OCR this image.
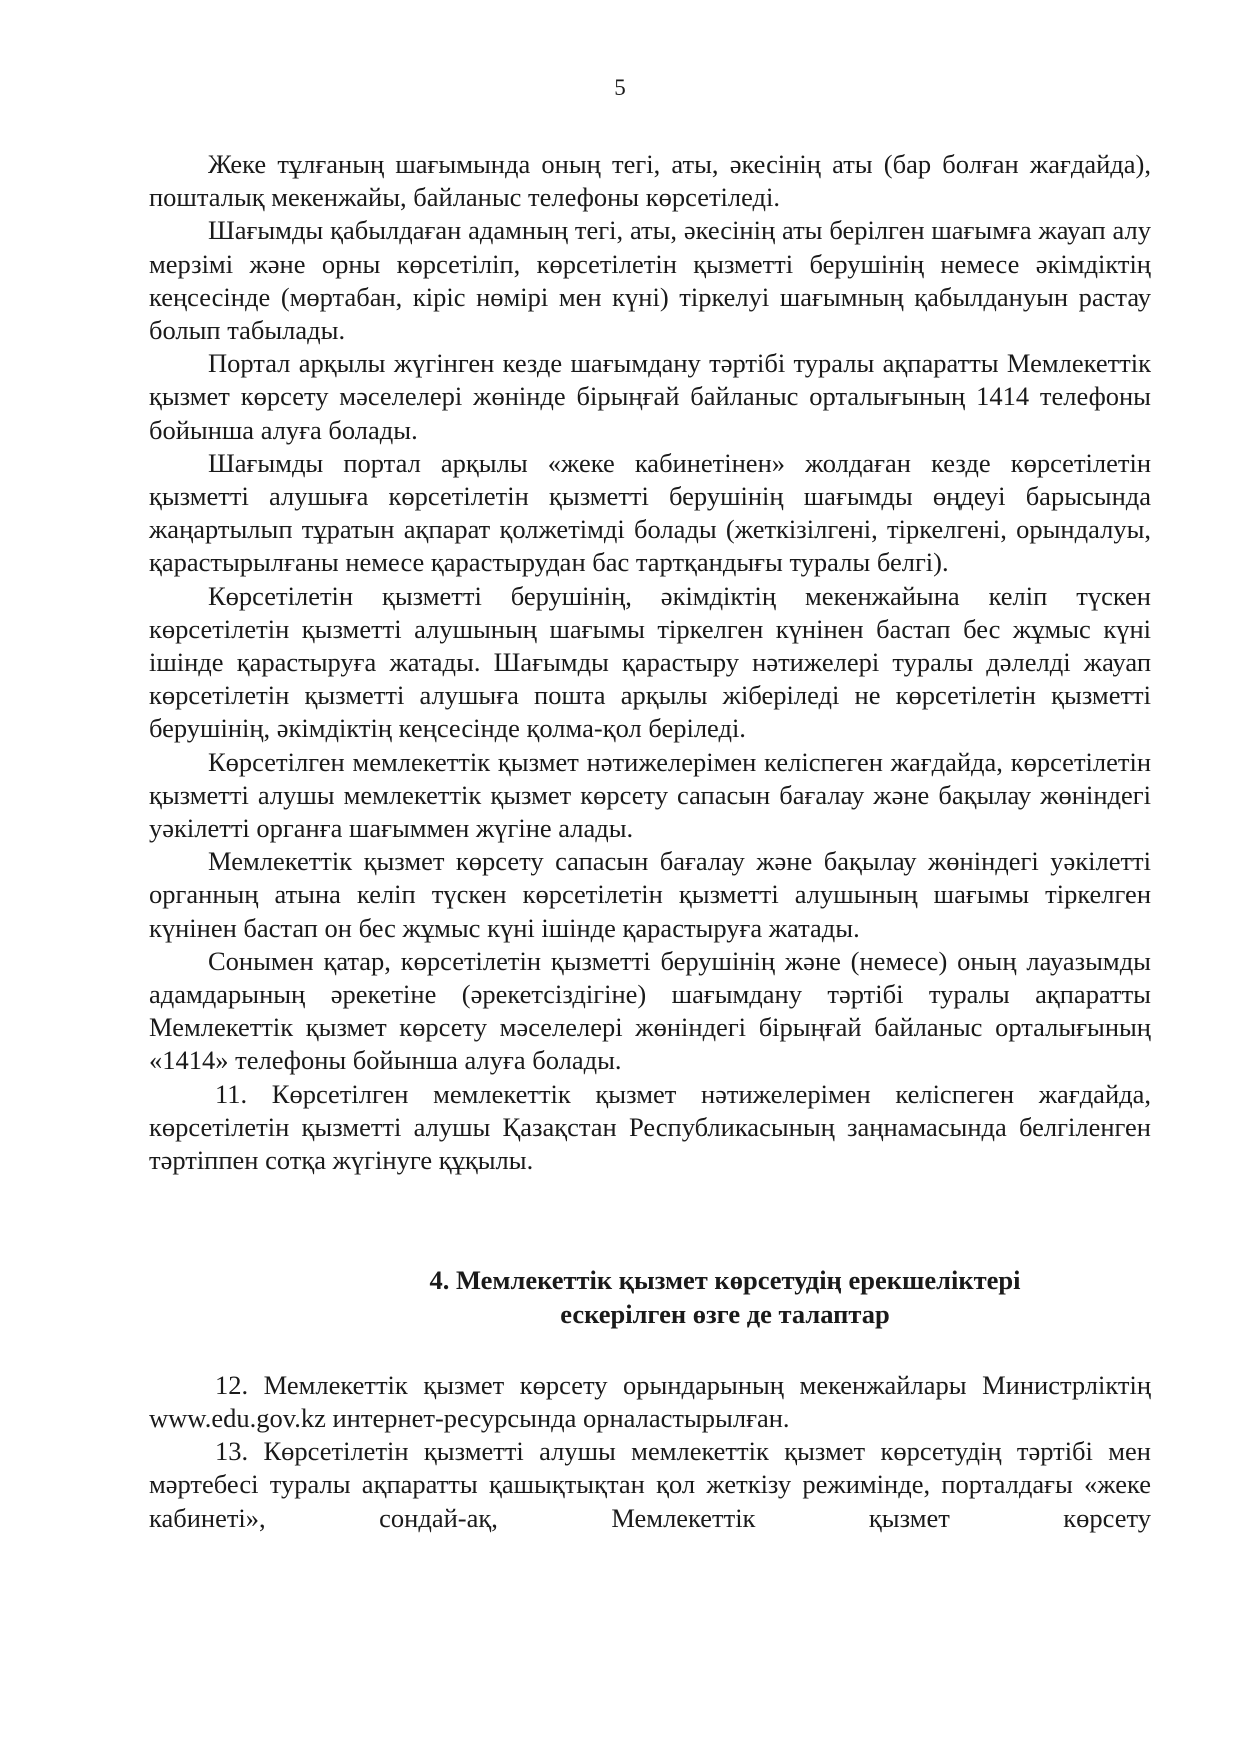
5

Жеке тұлғаның шағымында оның тегі, аты, әкесінің аты (бар болған жағдайда), пошталық мекенжайы, байланыс телефоны көрсетіледі.

Шағымды қабылдаған адамның тегі, аты, әкесінің аты берілген шағымға жауап алу мерзімі және орны көрсетіліп, көрсетілетін қызметті берушінің немесе әкімдіктің кеңсесінде (мөртабан, кіріс нөмірі мен күні) тіркелуі шағымның қабылдануын растау болып табылады.

Портал арқылы жүгінген кезде шағымдану тәртібі туралы ақпаратты Мемлекеттік қызмет көрсету мәселелері жөнінде бірыңғай байланыс орталығының 1414 телефоны бойынша алуға болады.

Шағымды портал арқылы «жеке кабинетінен» жолдаған кезде көрсетілетін қызметті алушыға көрсетілетін қызметті берушінің шағымды өңдеуі барысында жаңартылып тұратын ақпарат қолжетімді болады (жеткізілгені, тіркелгені, орындалуы, қарастырылғаны немесе қарастырудан бас тартқандығы туралы белгі).

Көрсетілетін қызметті берушінің, әкімдіктің мекенжайына келіп түскен көрсетілетін қызметті алушының шағымы тіркелген күнінен бастап бес жұмыс күні ішінде қарастыруға жатады. Шағымды қарастыру нәтижелері туралы дәлелді жауап көрсетілетін қызметті алушыға пошта арқылы жіберіледі не көрсетілетін қызметті берушінің, әкімдіктің кеңсесінде қолма-қол беріледі.

Көрсетілген мемлекеттік қызмет нәтижелерімен келіспеген жағдайда, көрсетілетін қызметті алушы мемлекеттік қызмет көрсету сапасын бағалау және бақылау жөніндегі уәкілетті органға шағыммен жүгіне алады.

Мемлекеттік қызмет көрсету сапасын бағалау және бақылау жөніндегі уәкілетті органның атына келіп түскен көрсетілетін қызметті алушының шағымы тіркелген күнінен бастап он бес жұмыс күні ішінде қарастыруға жатады.

Сонымен қатар, көрсетілетін қызметті берушінің және (немесе) оның лауазымды адамдарының әрекетіне (әрекетсіздігіне) шағымдану тәртібі туралы ақпаратты Мемлекеттік қызмет көрсету мәселелері жөніндегі бірыңғай байланыс орталығының «1414» телефоны бойынша алуға болады.

11. Көрсетілген мемлекеттік қызмет нәтижелерімен келіспеген жағдайда, көрсетілетін қызметті алушы Қазақстан Республикасының заңнамасында белгіленген тәртіппен сотқа жүгінуге құқылы.

4. Мемлекеттік қызмет көрсетудің ерекшеліктері
ескерілген өзге де талаптар

12. Мемлекеттік қызмет көрсету орындарының мекенжайлары Министрліктің www.edu.gov.kz интернет-ресурсында орналастырылған.

13. Көрсетілетін қызметті алушы мемлекеттік қызмет көрсетудің тәртібі мен мәртебесі туралы ақпаратты қашықтықтан қол жеткізу режимінде, порталдағы «жеке кабинеті», сондай-ақ, Мемлекеттік қызмет көрсету
